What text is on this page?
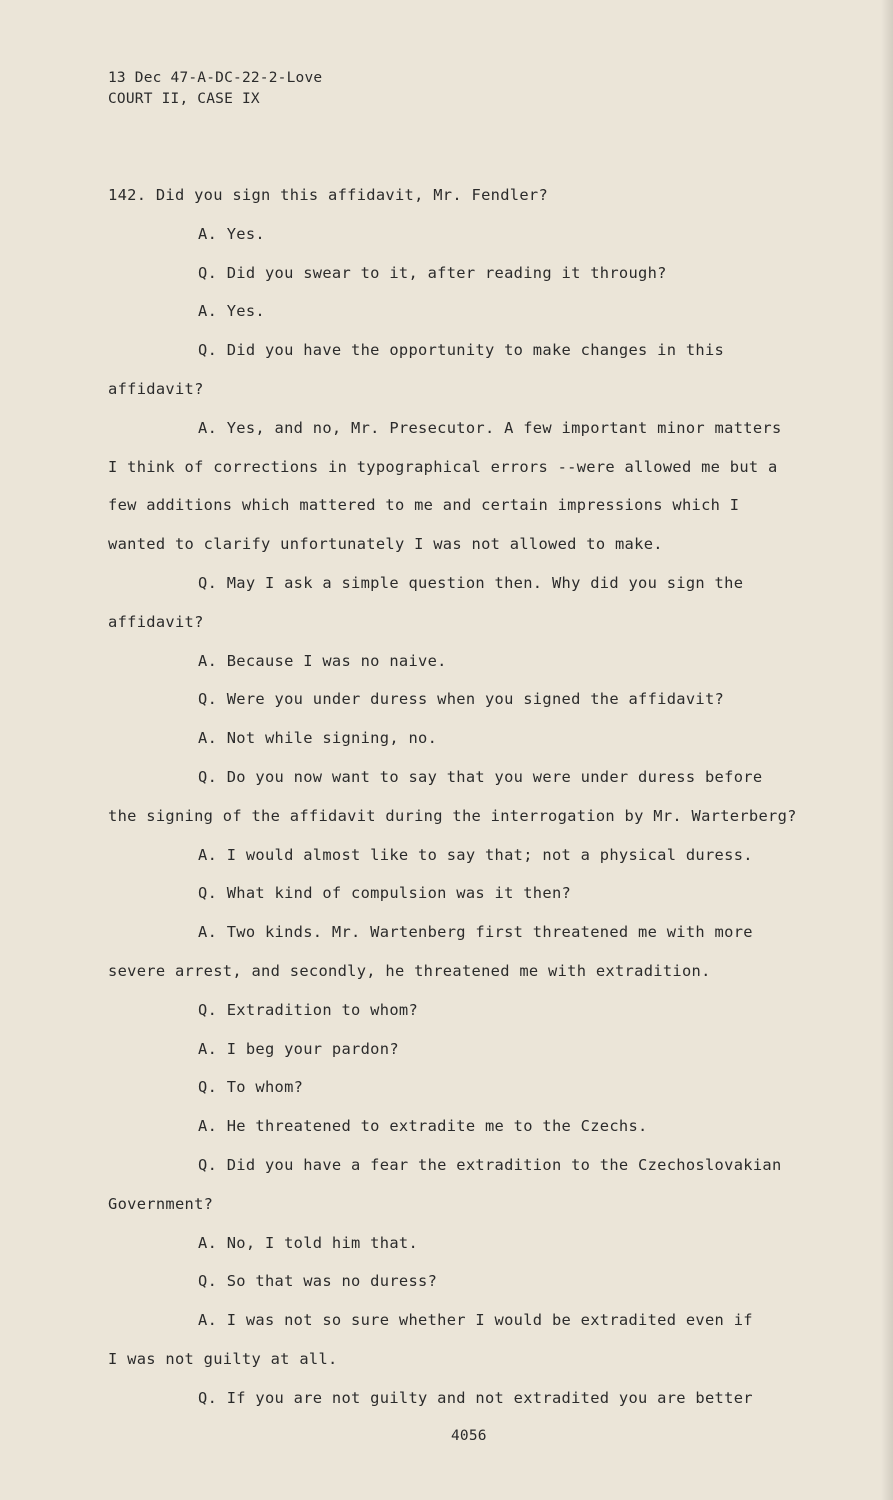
13 Dec 47-A-DC-22-2-Love
COURT II, CASE IX
142. Did you sign this affidavit, Mr. Fendler?
A. Yes.
Q. Did you swear to it, after reading it through?
A. Yes.
Q. Did you have the opportunity to make changes in this
affidavit?
A. Yes, and no, Mr. Presecutor. A few important minor matters
I think of corrections in typographical errors --were allowed me but a
few additions which mattered to me and certain impressions which I
wanted to clarify unfortunately I was not allowed to make.
Q. May I ask a simple question then. Why did you sign the
affidavit?
A. Because I was no naive.
Q. Were you under duress when you signed the affidavit?
A. Not while signing, no.
Q. Do you now want to say that you were under duress before
the signing of the affidavit during the interrogation by Mr. Warterberg?
A. I would almost like to say that; not a physical duress.
Q. What kind of compulsion was it then?
A. Two kinds. Mr. Wartenberg first threatened me with more
severe arrest, and secondly, he threatened me with extradition.
Q. Extradition to whom?
A. I beg your pardon?
Q. To whom?
A. He threatened to extradite me to the Czechs.
Q. Did you have a fear the extradition to the Czechoslovakian
Government?
A. No, I told him that.
Q. So that was no duress?
A. I was not so sure whether I would be extradited even if
I was not guilty at all.
Q. If you are not guilty and not extradited you are better
4056
